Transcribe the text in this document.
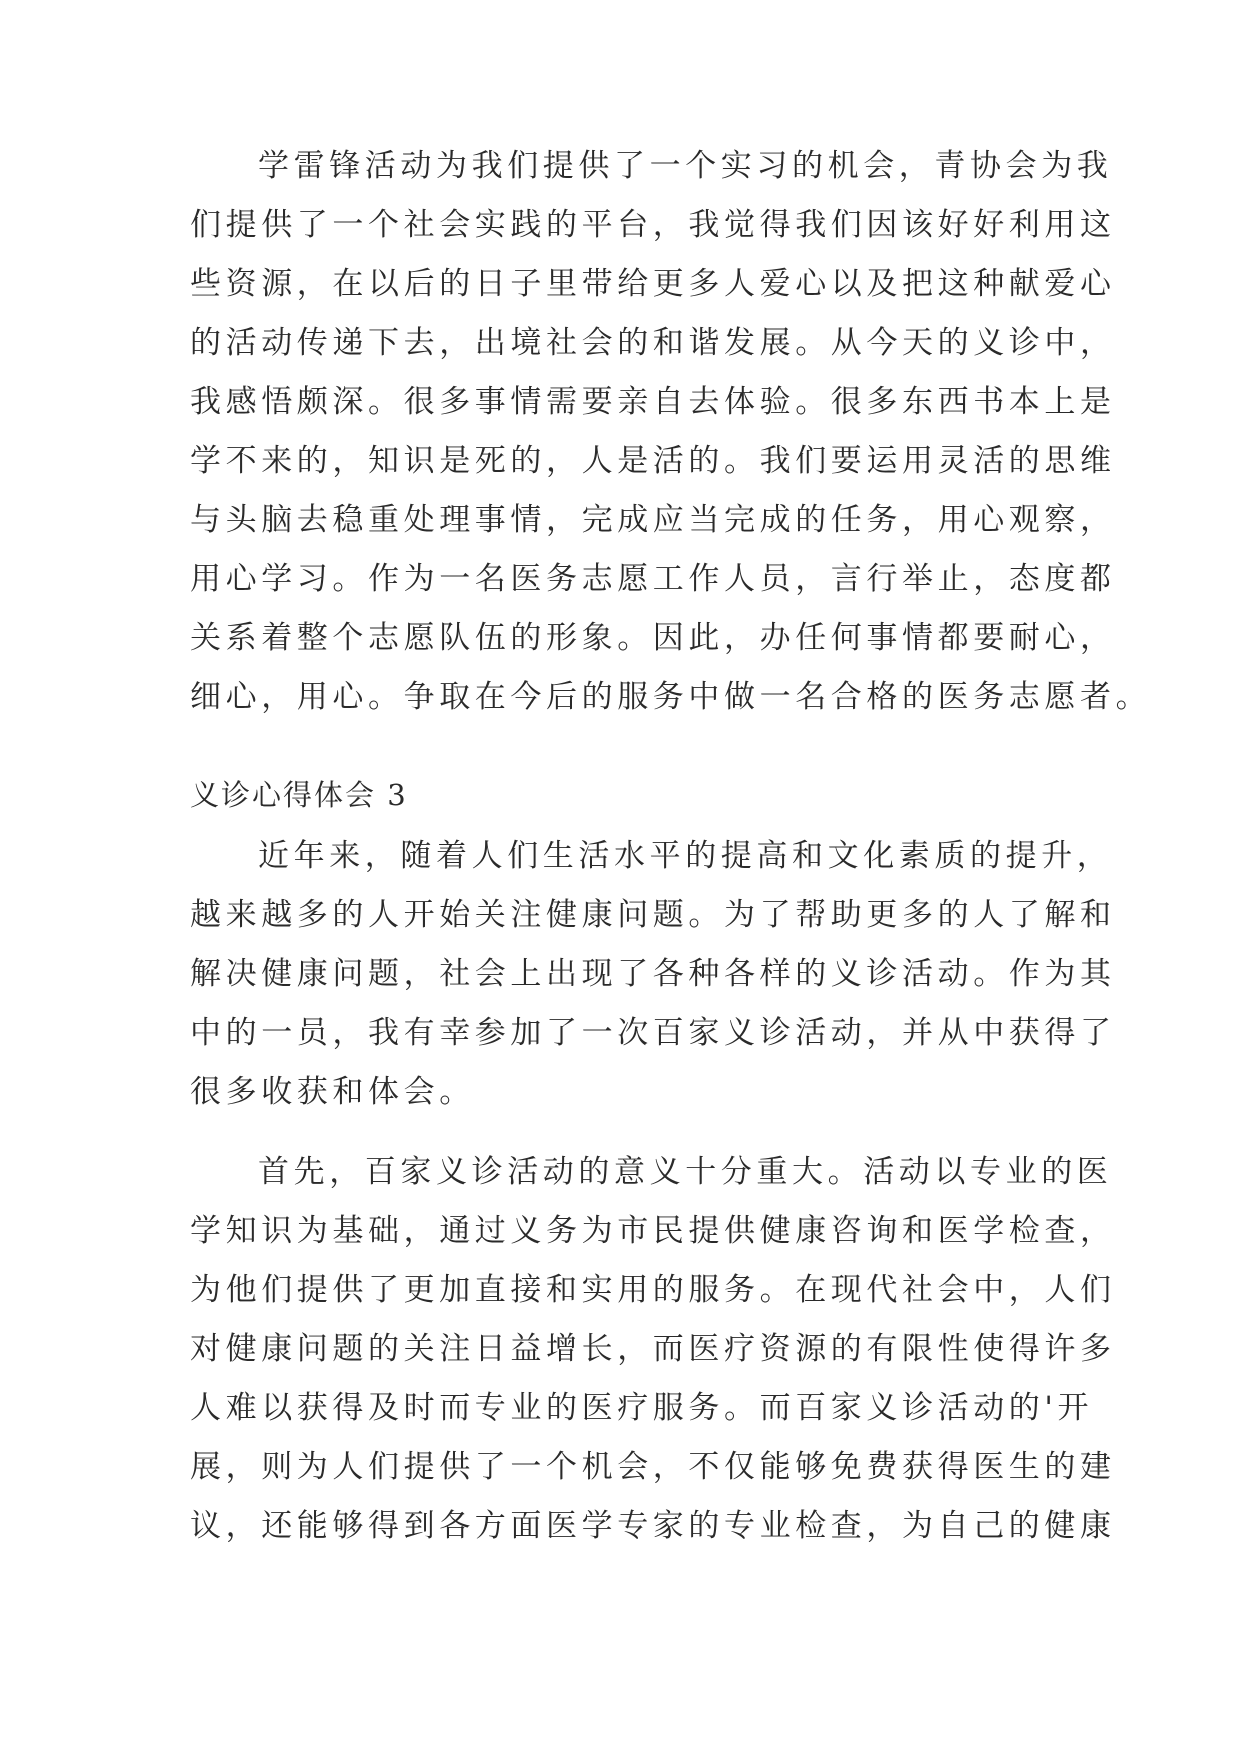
学雷锋活动为我们提供了一个实习的机会，青协会为我
们提供了一个社会实践的平台，我觉得我们因该好好利用这
些资源，在以后的日子里带给更多人爱心以及把这种献爱心
的活动传递下去，出境社会的和谐发展。从今天的义诊中，
我感悟颇深。很多事情需要亲自去体验。很多东西书本上是
学不来的，知识是死的，人是活的。我们要运用灵活的思维
与头脑去稳重处理事情，完成应当完成的任务，用心观察，
用心学习。作为一名医务志愿工作人员，言行举止，态度都
关系着整个志愿队伍的形象。因此，办任何事情都要耐心，
细心，用心。争取在今后的服务中做一名合格的医务志愿者。
义诊心得体会 3
近年来，随着人们生活水平的提高和文化素质的提升，
越来越多的人开始关注健康问题。为了帮助更多的人了解和
解决健康问题，社会上出现了各种各样的义诊活动。作为其
中的一员，我有幸参加了一次百家义诊活动，并从中获得了
很多收获和体会。
首先，百家义诊活动的意义十分重大。活动以专业的医
学知识为基础，通过义务为市民提供健康咨询和医学检查，
为他们提供了更加直接和实用的服务。在现代社会中，人们
对健康问题的关注日益增长，而医疗资源的有限性使得许多
人难以获得及时而专业的医疗服务。而百家义诊活动的'开
展，则为人们提供了一个机会，不仅能够免费获得医生的建
议，还能够得到各方面医学专家的专业检查，为自己的健康
